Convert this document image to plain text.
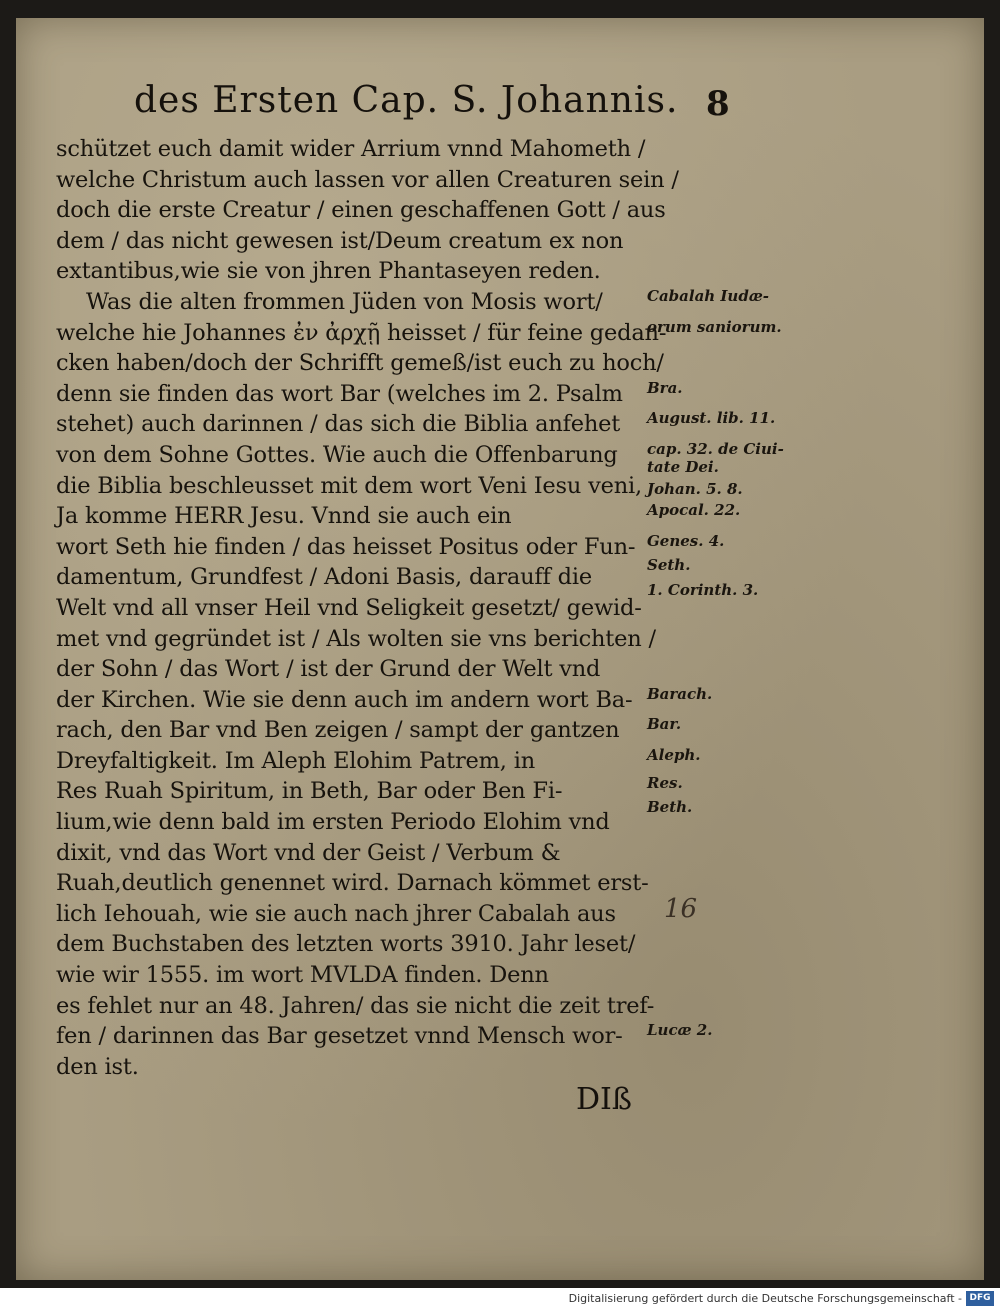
des Ersten Cap. S. Johannis. 8
schützet euch damit wider Arrium vnnd Mahometh /
welche Christum auch lassen vor allen Creaturen sein /
doch die erste Creatur / einen geschaffenen Gott / aus
dem / das nicht gewesen ist/Deum creatum ex non
extantibus,wie sie von jhren Phantaseyen reden.
Was die alten frommen Jüden von Mosis wort/
welche hie Johannes ἐν ἀρχῇ heisset / für feine gedan-
cken haben/doch der Schrifft gemeß/ist euch zu hoch/
denn sie finden das wort Bar (welches im 2. Psalm
stehet) auch darinnen / das sich die Biblia anfehet
von dem Sohne Gottes. Wie auch die Offenbarung
die Biblia beschleusset mit dem wort Veni Iesu veni,
Ja komme HERR Jesu. Vnnd sie auch ein
wort Seth hie finden / das heisset Positus oder Fun-
damentum, Grundfest / Adoni Basis, darauff die
Welt vnd all vnser Heil vnd Seligkeit gesetzt/ gewid-
met vnd gegründet ist / Als wolten sie vns berichten /
der Sohn / das Wort / ist der Grund der Welt vnd
der Kirchen. Wie sie denn auch im andern wort Ba-
rach, den Bar vnd Ben zeigen / sampt der gantzen
Dreyfaltigkeit. Im Aleph Elohim Patrem, in
Res Ruah Spiritum, in Beth, Bar oder Ben Fi-
lium,wie denn bald im ersten Periodo Elohim vnd
dixit, vnd das Wort vnd der Geist / Verbum &
Ruah,deutlich genennet wird. Darnach kömmet erst-
lich Iehouah, wie sie auch nach jhrer Cabalah aus
dem Buchstaben des letzten worts 3910. Jahr leset/
wie wir 1555. im wort MVLDA finden. Denn
es fehlet nur an 48. Jahren/ das sie nicht die zeit tref-
fen / darinnen das Bar gesetzet vnnd Mensch wor-
den ist.
Cabalah Iudæ-
orum saniorum.
Bra.
August. lib. 11.
cap. 32. de Ciui-
tate Dei.
Johan. 5. 8.
Apocal. 22.
Genes. 4.
Seth.
1. Corinth. 3.
Barach.
Bar.
Aleph.
Res.
Beth.
Lucæ 2.
16
DIß
Digitalisierung gefördert durch die Deutsche Forschungsgemeinschaft - DFG
